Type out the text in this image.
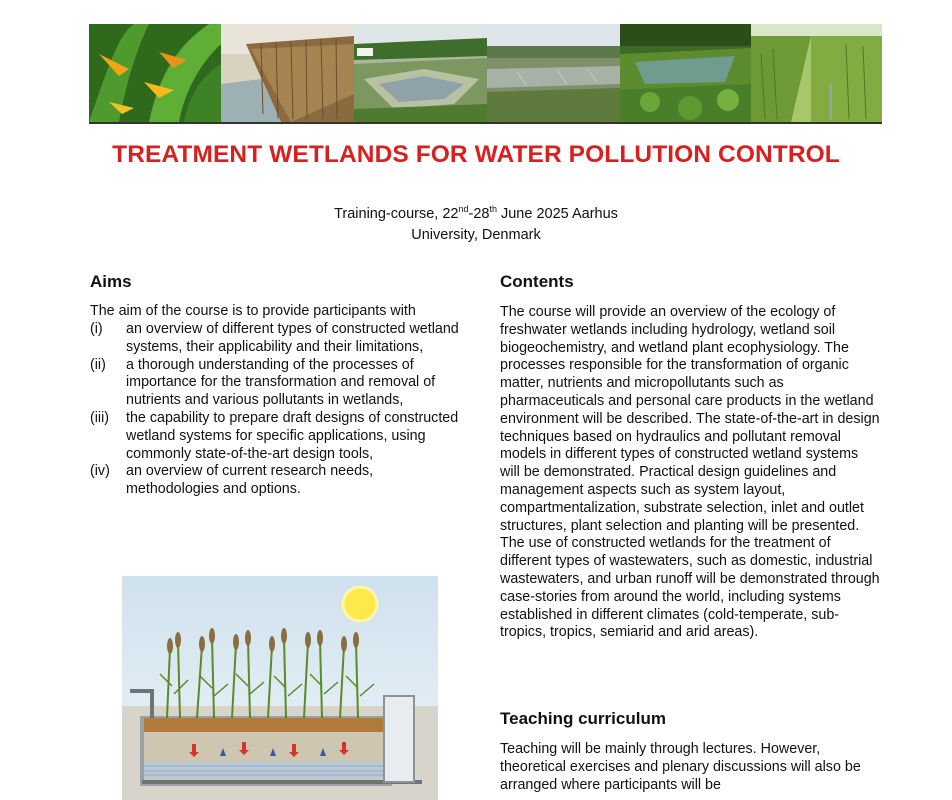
TREATMENT WETLANDS FOR WATER POLLUTION CONTROL
Training-course, 22nd-28th June 2025 Aarhus
University, Denmark
Aims
The aim of the course is to provide participants with
(i)	an overview of different types of constructed wetland systems, their applicability and their limitations,
(ii)	a thorough understanding of the processes of importance for the transformation and removal of nutrients and various pollutants in wetlands,
(iii)	the capability to prepare draft designs of constructed wetland systems for specific applications, using commonly state-of-the-art design tools,
(iv)	an overview of current research needs, methodologies and options.
Contents
The course will provide an overview of the ecology of freshwater wetlands including hydrology, wetland soil biogeochemistry, and wetland plant ecophysiology. The processes responsible for the transformation of organic matter, nutrients and micropollutants such as pharmaceuticals and personal care products in the wetland environment will be described. The state-of-the-art in design techniques based on hydraulics and pollutant removal models in different types of constructed wetland systems will be demonstrated. Practical design guidelines and management aspects such as system layout, compartmentalization, substrate selection, inlet and outlet structures, plant selection and planting will be presented. The use of constructed wetlands for the treatment of different types of wastewaters, such as domestic, industrial wastewaters, and urban runoff will be demonstrated through case-stories from around the world, including systems established in different climates (cold-temperate, sub-tropics, tropics, semiarid and arid areas).
Teaching curriculum
Teaching will be mainly through lectures. However, theoretical exercises and plenary discussions will also be arranged where participants will be
